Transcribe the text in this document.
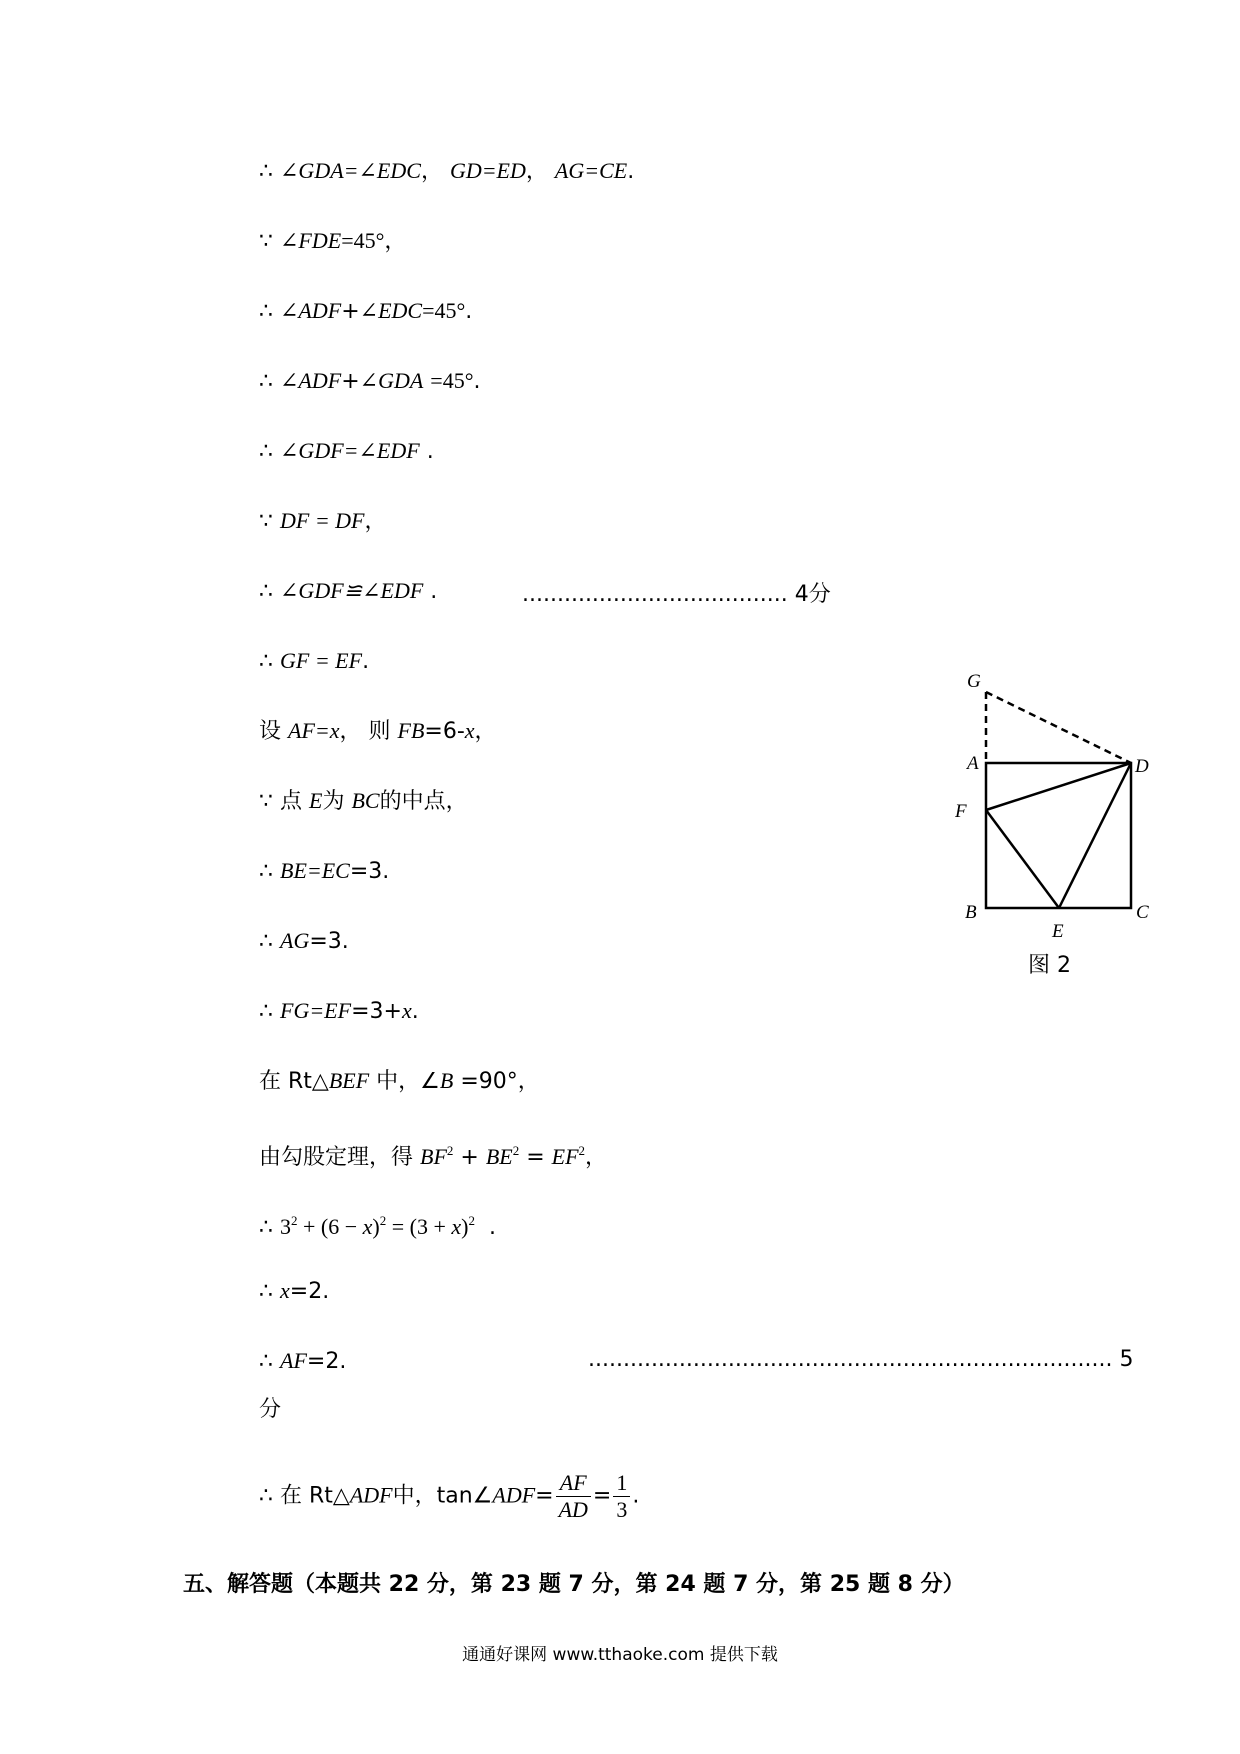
∴ ∠GDA=∠EDC， GD=ED， AG=CE.
∵ ∠FDE=45°，
∴ ∠ADF+∠EDC=45°.
∴ ∠ADF+∠GDA =45°.
∴ ∠GDF=∠EDF .
∵ DF = DF，
∴ ∠GDF≌∠EDF .	...................................... 4分
∴ GF = EF.
设 AF=x， 则 FB=6-x，
∵ 点 E为 BC的中点，
∴ BE=EC=3.
∴ AG=3.
∴ FG=EF=3+x.
在 Rt△BEF 中，∠B =90°，
由勾股定理，得 $BF^2 + BE^2 = EF^2$，
∴ $3^2 + (6 - x)^2 = (3 + x)^2$  .
∴ x=2.
∴ AF=2.	........................................................................... 5
分
∴ 在 Rt△ADF中，tan∠ADF= $\frac{AF}{AD} = \frac{1}{3}$ .
五、解答题（本题共 22 分，第 23 题 7 分，第 24 题 7 分，第 25 题 8 分）
G
A	D
F
B
E
C
图 2
通通好课网 www.tthaoke.com 提供下载
